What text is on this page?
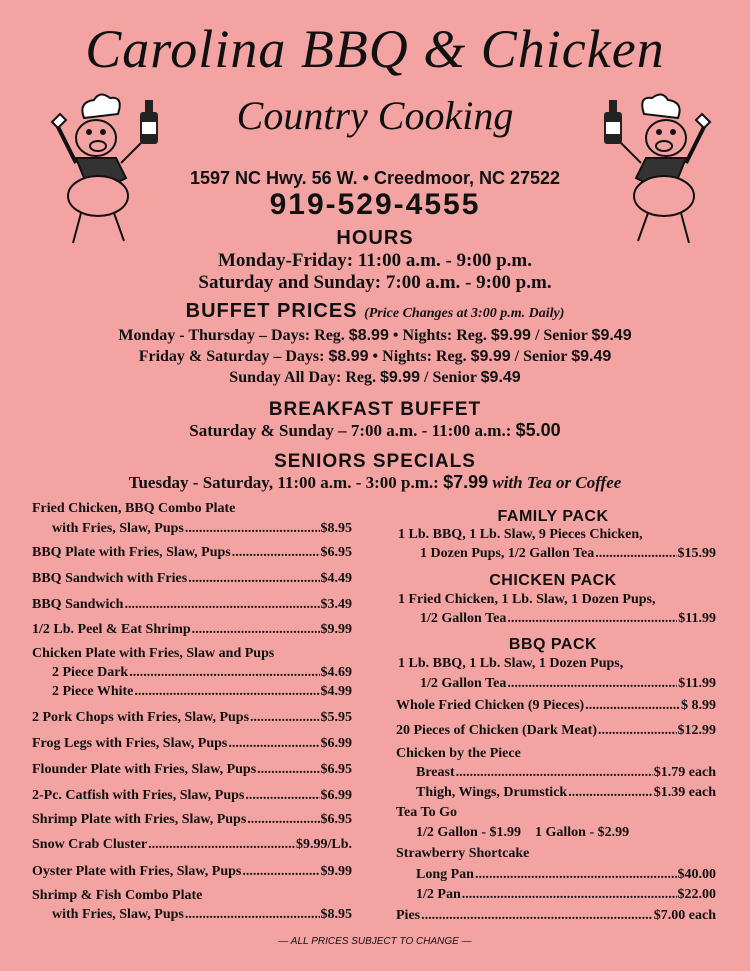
Carolina BBQ & Chicken
Country Cooking
1597 NC Hwy. 56 W. • Creedmoor, NC 27522
919-529-4555
HOURS
Monday-Friday: 11:00 a.m. - 9:00 p.m.
Saturday and Sunday: 7:00 a.m. - 9:00 p.m.
BUFFET PRICES (Price Changes at 3:00 p.m. Daily)
Monday - Thursday – Days: Reg. $8.99 • Nights: Reg. $9.99 / Senior $9.49
Friday & Saturday – Days: $8.99 • Nights: Reg. $9.99 / Senior $9.49
Sunday All Day: Reg. $9.99 / Senior $9.49
BREAKFAST BUFFET
Saturday & Sunday – 7:00 a.m. - 11:00 a.m.: $5.00
SENIORS SPECIALS
Tuesday - Saturday, 11:00 a.m. - 3:00 p.m.: $7.99 with Tea or Coffee
Fried Chicken, BBQ Combo Plate
with Fries, Slaw, Pups .....	$8.95
BBQ Plate with Fries, Slaw, Pups .....	$6.95
BBQ Sandwich with Fries .....	$4.49
BBQ Sandwich .....	$3.49
1/2 Lb. Peel & Eat Shrimp .....	$9.99
Chicken Plate with Fries, Slaw and Pups
2 Piece Dark .....	$4.69
2 Piece White .....	$4.99
2 Pork Chops with Fries, Slaw, Pups .....	$5.95
Frog Legs with Fries, Slaw, Pups .....	$6.99
Flounder Plate with Fries, Slaw, Pups .....	$6.95
2-Pc. Catfish with Fries, Slaw, Pups .....	$6.99
Shrimp Plate with Fries, Slaw, Pups .....	$6.95
Snow Crab Cluster .....	$9.99/Lb.
Oyster Plate with Fries, Slaw, Pups .....	$9.99
Shrimp & Fish Combo Plate
with Fries, Slaw, Pups .....	$8.95
FAMILY PACK
1 Lb. BBQ, 1 Lb. Slaw, 9 Pieces Chicken,
1 Dozen Pups, 1/2 Gallon Tea .....	$15.99
CHICKEN PACK
1 Fried Chicken, 1 Lb. Slaw, 1 Dozen Pups,
1/2 Gallon Tea .....	$11.99
BBQ PACK
1 Lb. BBQ, 1 Lb. Slaw, 1 Dozen Pups,
1/2 Gallon Tea .....	$11.99
Whole Fried Chicken (9 Pieces) .....	$ 8.99
20 Pieces of Chicken (Dark Meat) .....	$12.99
Chicken by the Piece
Breast .....	$1.79 each
Thigh, Wings, Drumstick .....	$1.39 each
Tea To Go
1/2 Gallon - $1.99    1 Gallon - $2.99
Strawberry Shortcake
Long Pan .....	$40.00
1/2 Pan .....	$22.00
Pies .....	$7.00 each
— ALL PRICES SUBJECT TO CHANGE —
